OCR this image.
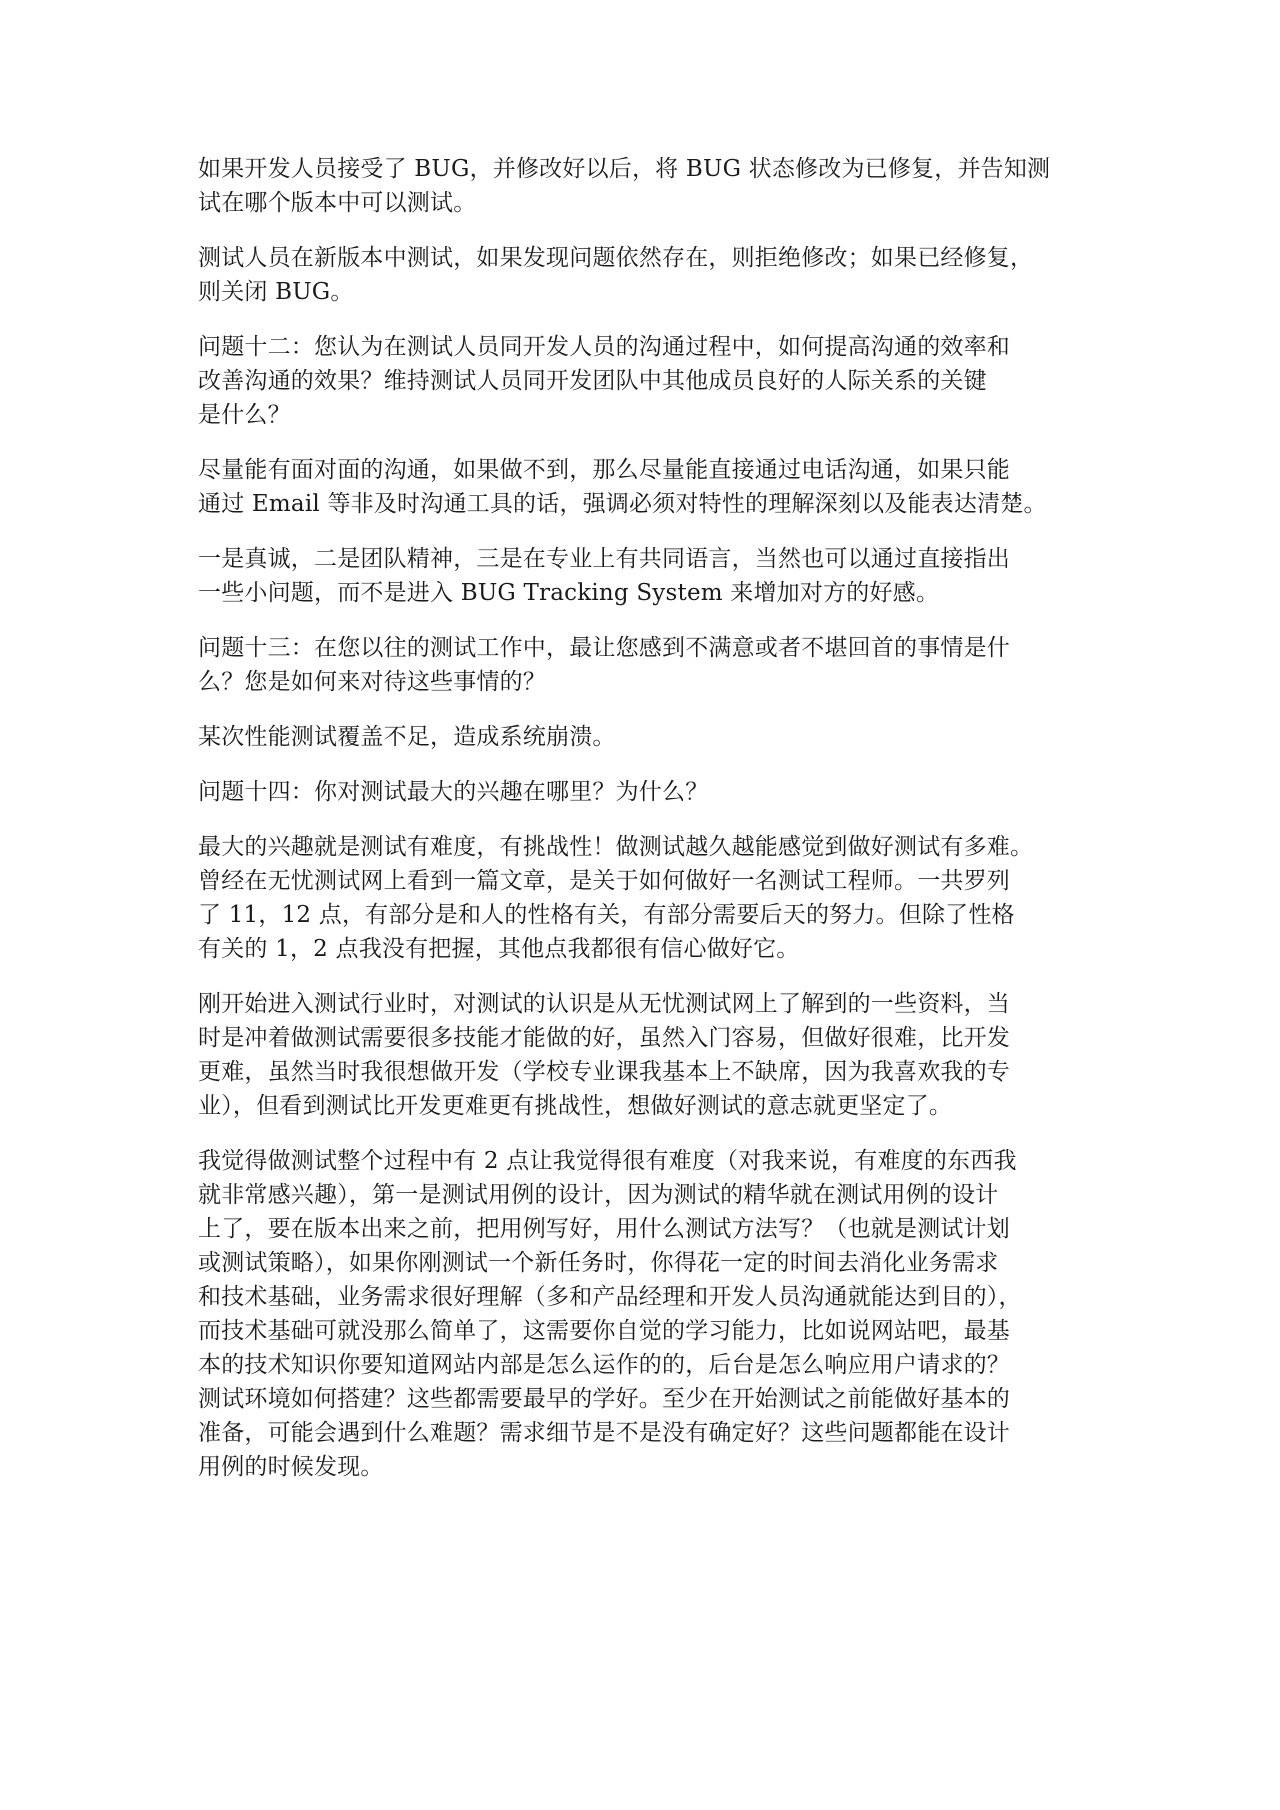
如果开发人员接受了 BUG，并修改好以后，将 BUG 状态修改为已修复，并告知测
试在哪个版本中可以测试。

测试人员在新版本中测试，如果发现问题依然存在，则拒绝修改；如果已经修复，
则关闭 BUG。

问题十二：您认为在测试人员同开发人员的沟通过程中，如何提高沟通的效率和
改善沟通的效果？维持测试人员同开发团队中其他成员良好的人际关系的关键
是什么？

尽量能有面对面的沟通，如果做不到，那么尽量能直接通过电话沟通，如果只能
通过 Email 等非及时沟通工具的话，强调必须对特性的理解深刻以及能表达清楚。

一是真诚，二是团队精神，三是在专业上有共同语言，当然也可以通过直接指出
一些小问题，而不是进入 BUG Tracking System 来增加对方的好感。

问题十三：在您以往的测试工作中，最让您感到不满意或者不堪回首的事情是什
么？您是如何来对待这些事情的？

某次性能测试覆盖不足，造成系统崩溃。

问题十四：你对测试最大的兴趣在哪里？为什么？

最大的兴趣就是测试有难度，有挑战性！做测试越久越能感觉到做好测试有多难。
曾经在无忧测试网上看到一篇文章，是关于如何做好一名测试工程师。一共罗列
了 11，12 点，有部分是和人的性格有关，有部分需要后天的努力。但除了性格
有关的 1，2 点我没有把握，其他点我都很有信心做好它。

刚开始进入测试行业时，对测试的认识是从无忧测试网上了解到的一些资料，当
时是冲着做测试需要很多技能才能做的好，虽然入门容易，但做好很难，比开发
更难，虽然当时我很想做开发（学校专业课我基本上不缺席，因为我喜欢我的专
业），但看到测试比开发更难更有挑战性，想做好测试的意志就更坚定了。

我觉得做测试整个过程中有 2 点让我觉得很有难度（对我来说，有难度的东西我
就非常感兴趣），第一是测试用例的设计，因为测试的精华就在测试用例的设计
上了，要在版本出来之前，把用例写好，用什么测试方法写？（也就是测试计划
或测试策略），如果你刚测试一个新任务时，你得花一定的时间去消化业务需求
和技术基础，业务需求很好理解（多和产品经理和开发人员沟通就能达到目的），
而技术基础可就没那么简单了，这需要你自觉的学习能力，比如说网站吧，最基
本的技术知识你要知道网站内部是怎么运作的的，后台是怎么响应用户请求的？
测试环境如何搭建？这些都需要最早的学好。至少在开始测试之前能做好基本的
准备，可能会遇到什么难题？需求细节是不是没有确定好？这些问题都能在设计
用例的时候发现。
